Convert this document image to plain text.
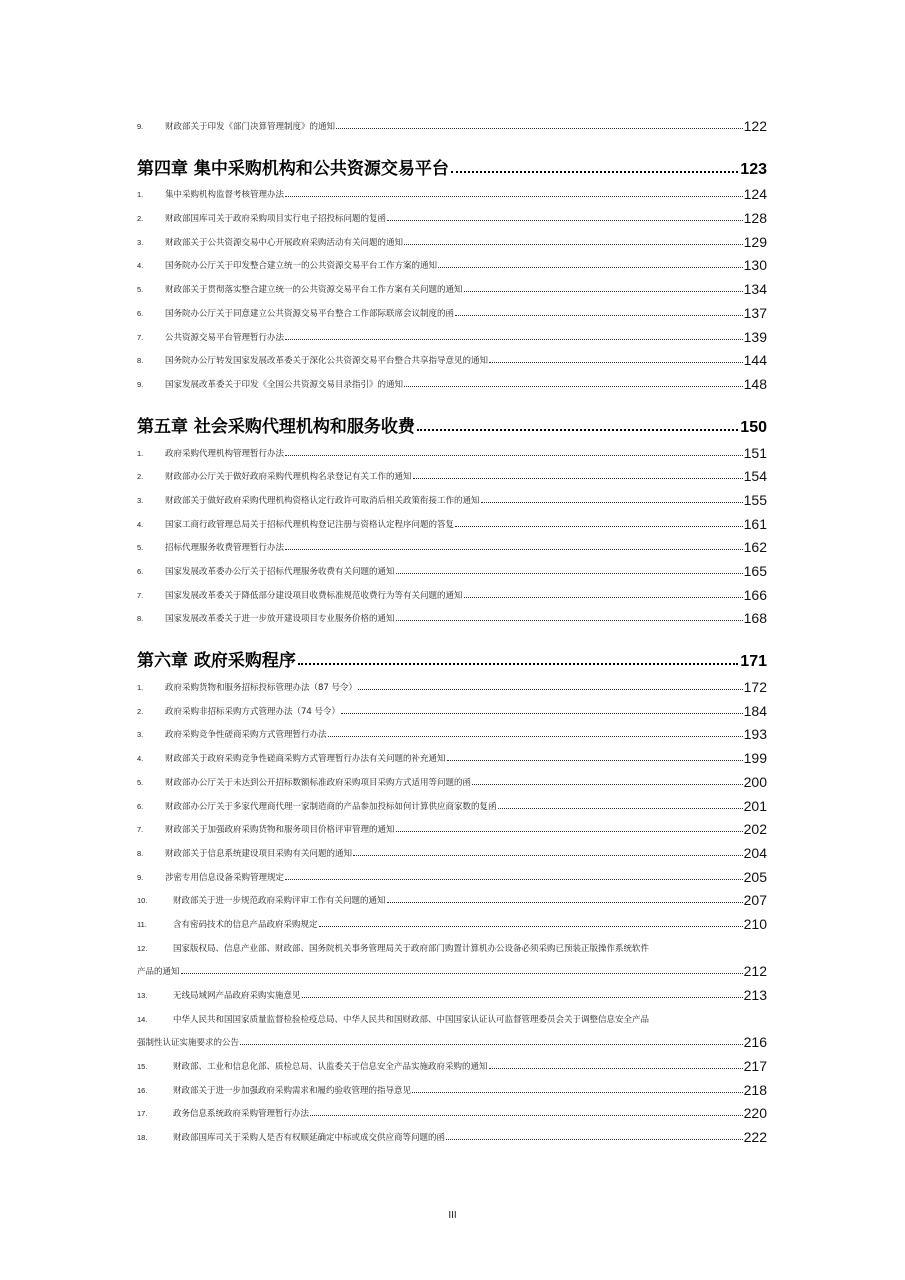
9.	财政部关于印发《部门决算管理制度》的通知	122
第四章 集中采购机构和公共资源交易平台	123
1.	集中采购机构监督考核管理办法	124
2.	财政部国库司关于政府采购项目实行电子招投标问题的复函	128
3.	财政部关于公共资源交易中心开展政府采购活动有关问题的通知	129
4.	国务院办公厅关于印发整合建立统一的公共资源交易平台工作方案的通知	130
5.	财政部关于贯彻落实整合建立统一的公共资源交易平台工作方案有关问题的通知	134
6.	国务院办公厅关于同意建立公共资源交易平台整合工作部际联席会议制度的函	137
7.	公共资源交易平台管理暂行办法	139
8.	国务院办公厅转发国家发展改革委关于深化公共资源交易平台整合共享指导意见的通知	144
9.	国家发展改革委关于印发《全国公共资源交易目录指引》的通知	148
第五章 社会采购代理机构和服务收费	150
1.	政府采购代理机构管理暂行办法	151
2.	财政部办公厅关于做好政府采购代理机构名录登记有关工作的通知	154
3.	财政部关于做好政府采购代理机构资格认定行政许可取消后相关政策衔接工作的通知	155
4.	国家工商行政管理总局关于招标代理机构登记注册与资格认定程序问题的答复	161
5.	招标代理服务收费管理暂行办法	162
6.	国家发展改革委办公厅关于招标代理服务收费有关问题的通知	165
7.	国家发展改革委关于降低部分建设项目收费标准规范收费行为等有关问题的通知	166
8.	国家发展改革委关于进一步放开建设项目专业服务价格的通知	168
第六章 政府采购程序	171
1.	政府采购货物和服务招标投标管理办法（87 号令）	172
2.	政府采购非招标采购方式管理办法（74 号令）	184
3.	政府采购竞争性磋商采购方式管理暂行办法	193
4.	财政部关于政府采购竞争性磋商采购方式管理暂行办法有关问题的补充通知	199
5.	财政部办公厅关于未达到公开招标数额标准政府采购项目采购方式适用等问题的函	200
6.	财政部办公厅关于多家代理商代理一家制造商的产品参加投标如何计算供应商家数的复函	201
7.	财政部关于加强政府采购货物和服务项目价格评审管理的通知	202
8.	财政部关于信息系统建设项目采购有关问题的通知	204
9.	涉密专用信息设备采购管理规定	205
10.	财政部关于进一步规范政府采购评审工作有关问题的通知	207
11.	含有密码技术的信息产品政府采购规定	210
12.	国家版权局、信息产业部、财政部、国务院机关事务管理局关于政府部门购置计算机办公设备必须采购已预装正版操作系统软件
产品的通知	212
13.	无线局域网产品政府采购实施意见	213
14.	中华人民共和国国家质量监督检验检疫总局、中华人民共和国财政部、中国国家认证认可监督管理委员会关于调整信息安全产品
强制性认证实施要求的公告	216
15.	财政部、工业和信息化部、质检总局、认监委关于信息安全产品实施政府采购的通知	217
16.	财政部关于进一步加强政府采购需求和履约验收管理的指导意见	218
17.	政务信息系统政府采购管理暂行办法	220
18.	财政部国库司关于采购人是否有权顺延确定中标或成交供应商等问题的函	222
III
